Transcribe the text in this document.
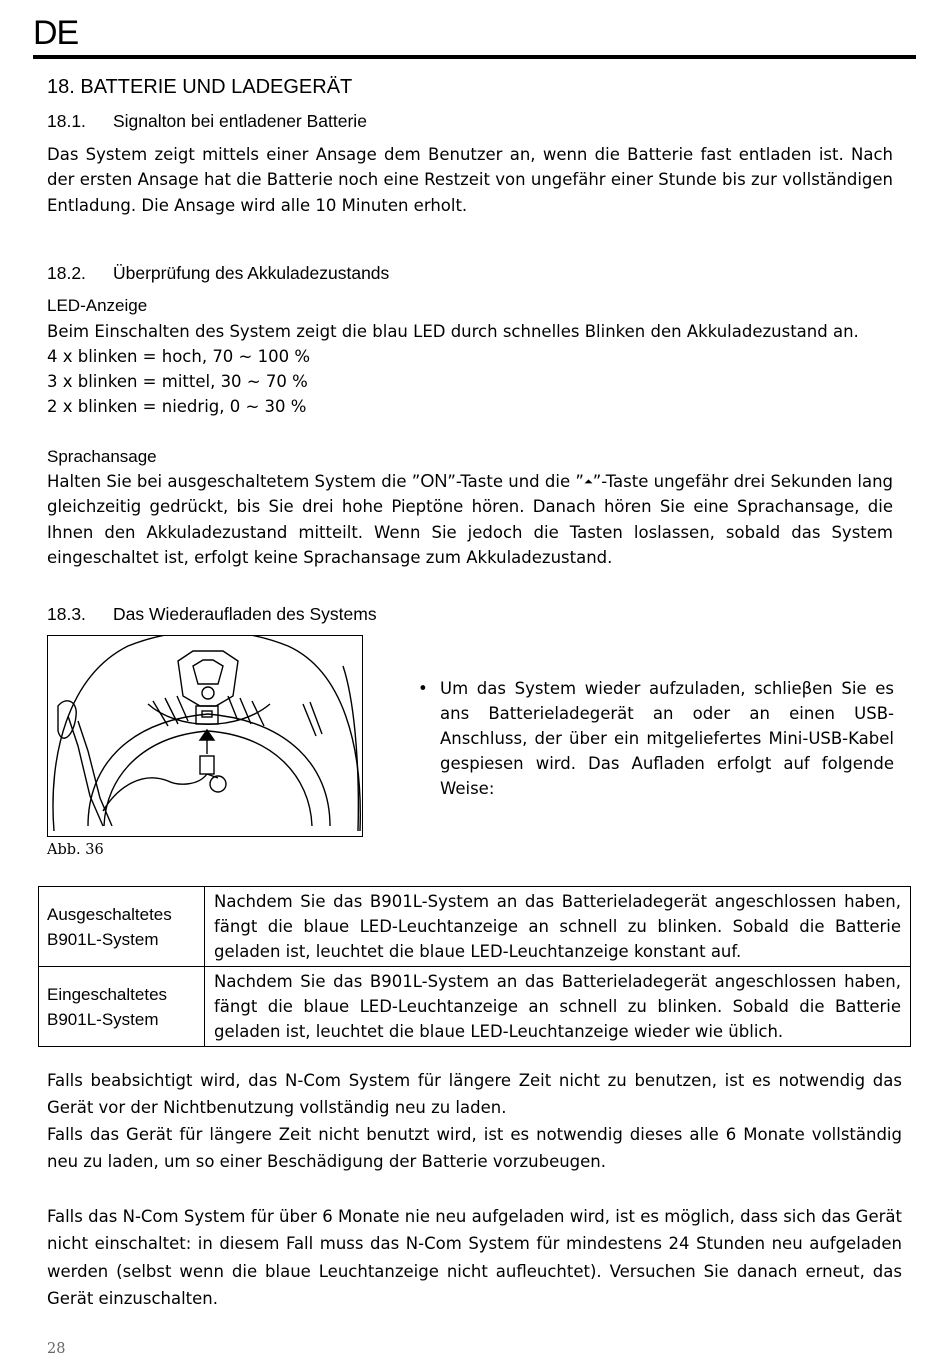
DE
18. BATTERIE UND LADEGERÄT
18.1. Signalton bei entladener Batterie
Das System zeigt mittels einer Ansage dem Benutzer an, wenn die Batterie fast entladen ist. Nach der ersten Ansage hat die Batterie noch eine Restzeit von ungefähr einer Stunde bis zur vollständigen Entladung. Die Ansage wird alle 10 Minuten erholt.
18.2. Überprüfung des Akkuladezustands
LED-Anzeige
Beim Einschalten des System zeigt die blau LED durch schnelles Blinken den Akkuladezustand an.
4 x blinken = hoch, 70 ~ 100 %
3 x blinken = mittel, 30 ~ 70 %
2 x blinken = niedrig, 0 ~ 30 %
Sprachansage
Halten Sie bei ausgeschaltetem System die ”ON”-Taste und die ”⏶”-Taste ungefähr drei Sekunden lang gleichzeitig gedrückt, bis Sie drei hohe Pieptöne hören. Danach hören Sie eine Sprachansage, die Ihnen den Akkuladezustand mitteilt. Wenn Sie jedoch die Tasten loslassen, sobald das System eingeschaltet ist, erfolgt keine Sprachansage zum Akkuladezustand.
18.3. Das Wiederaufladen des Systems
Abb. 36
• Um das System wieder aufzuladen, schlieβen Sie es ans Batterieladegerät an oder an einen USB-Anschluss, der über ein mitgeliefertes Mini-USB-Kabel gespiesen wird. Das Aufladen erfolgt auf folgende Weise:
Ausgeschaltetes B901L-System	Nachdem Sie das B901L-System an das Batterieladegerät angeschlossen haben, fängt die blaue LED-Leuchtanzeige an schnell zu blinken. Sobald die Batterie geladen ist, leuchtet die blaue LED-Leuchtanzeige konstant auf.
Eingeschaltetes B901L-System	Nachdem Sie das B901L-System an das Batterieladegerät angeschlossen haben, fängt die blaue LED-Leuchtanzeige an schnell zu blinken. Sobald die Batterie geladen ist, leuchtet die blaue LED-Leuchtanzeige wieder wie üblich.
Falls beabsichtigt wird, das N-Com System für längere Zeit nicht zu benutzen, ist es notwendig das Gerät vor der Nichtbenutzung vollständig neu zu laden.
Falls das Gerät für längere Zeit nicht benutzt wird, ist es notwendig dieses alle 6 Monate vollständig neu zu laden, um so einer Beschädigung der Batterie vorzubeugen.
Falls das N-Com System für über 6 Monate nie neu aufgeladen wird, ist es möglich, dass sich das Gerät nicht einschaltet: in diesem Fall muss das N-Com System für mindestens 24 Stunden neu aufgeladen werden (selbst wenn die blaue Leuchtanzeige nicht aufleuchtet). Versuchen Sie danach erneut, das Gerät einzuschalten.
28
